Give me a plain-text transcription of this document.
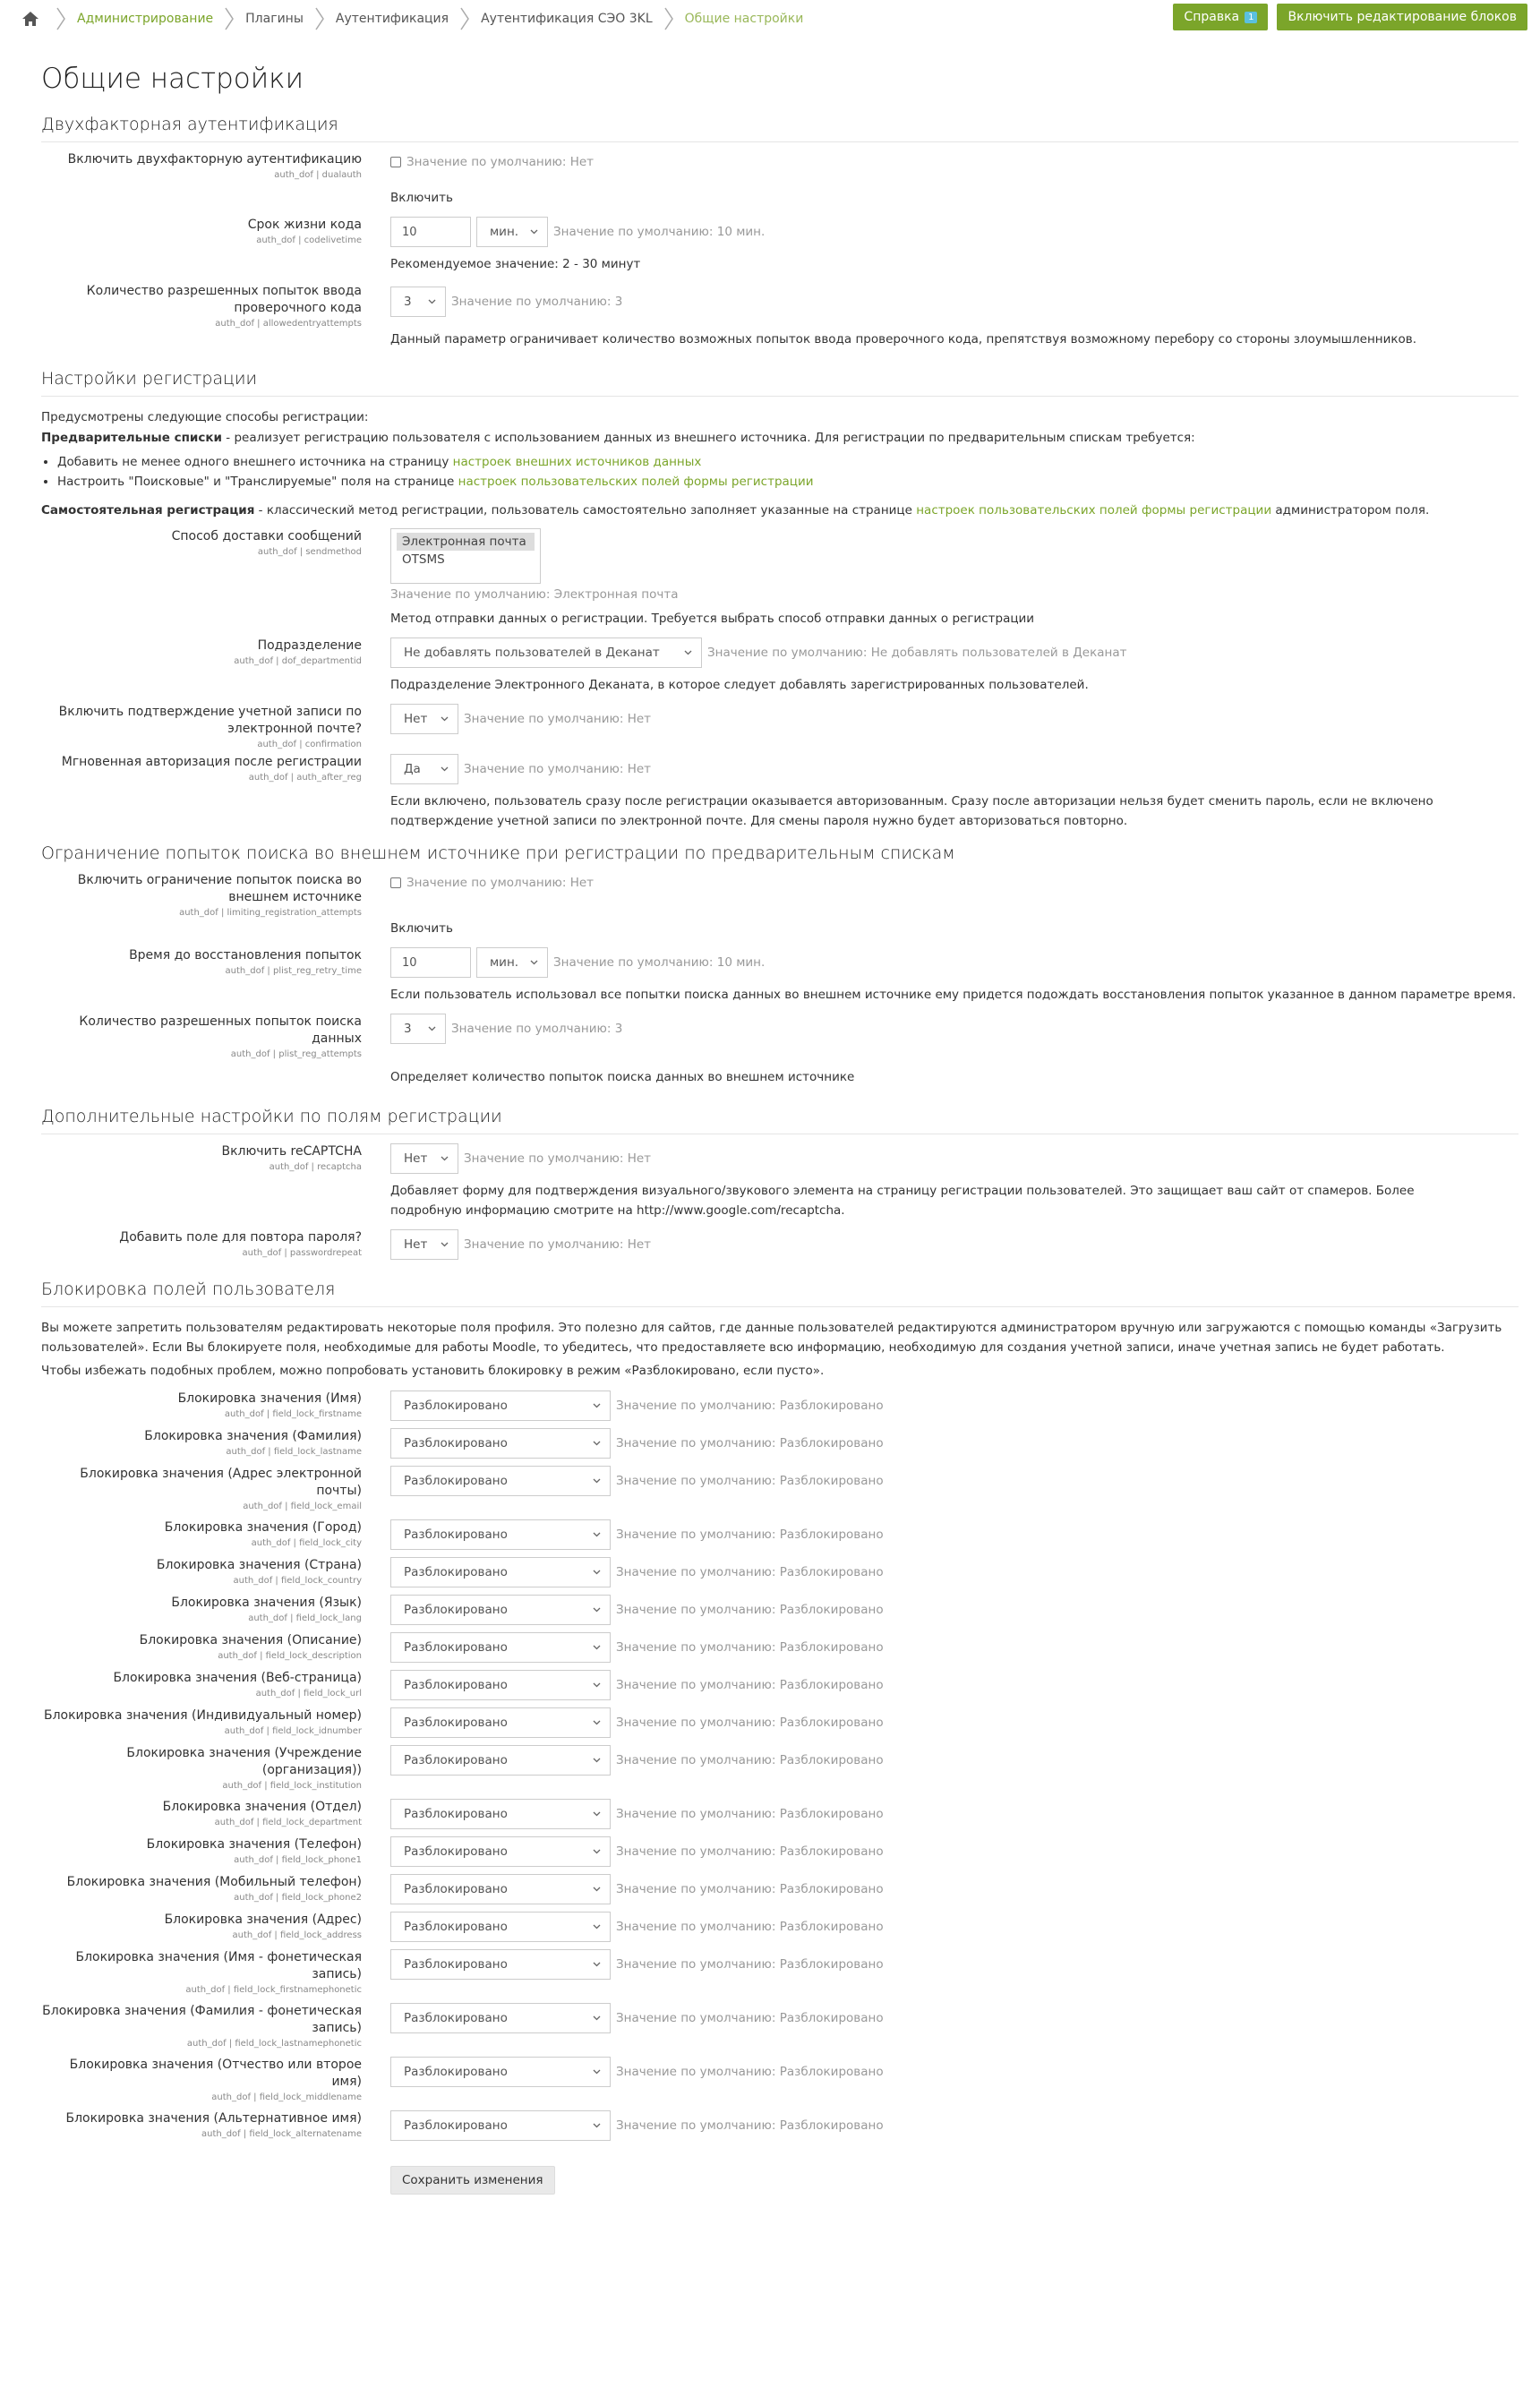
Администрирование	Плагины	Аутентификация	Аутентификация СЭО 3KL	Общие настройки	Справка	1	Включить редактирование блоков
Общие настройки
Двухфакторная аутентификация
Включить двухфакторную аутентификацию
auth_dof | dualauth
Значение по умолчанию: Нет
Включить
Срок жизни кода
auth_dof | codelivetime
10	мин.	Значение по умолчанию: 10 мин.
Рекомендуемое значение: 2 - 30 минут
Количество разрешенных попыток ввода проверочного кода
auth_dof | allowedentryattempts
3	Значение по умолчанию: 3
Данный параметр ограничивает количество возможных попыток ввода проверочного кода, препятствуя возможному перебору со стороны злоумышленников.
Настройки регистрации
Предусмотрены следующие способы регистрации:
Предварительные списки - реализует регистрацию пользователя с использованием данных из внешнего источника. Для регистрации по предварительным спискам требуется:
• Добавить не менее одного внешнего источника на страницу настроек внешних источников данных
• Настроить "Поисковые" и "Транслируемые" поля на странице настроек пользовательских полей формы регистрации
Самостоятельная регистрация - классический метод регистрации, пользователь самостоятельно заполняет указанные на странице настроек пользовательских полей формы регистрации администратором поля.
Способ доставки сообщений
auth_dof | sendmethod
Электронная почта
OTSMS
Значение по умолчанию: Электронная почта
Метод отправки данных о регистрации. Требуется выбрать способ отправки данных о регистрации
Подразделение
auth_dof | dof_departmentid
Не добавлять пользователей в Деканат	Значение по умолчанию: Не добавлять пользователей в Деканат
Подразделение Электронного Деканата, в которое следует добавлять зарегистрированных пользователей.
Включить подтверждение учетной записи по электронной почте?
auth_dof | confirmation
Нет	Значение по умолчанию: Нет
Мгновенная авторизация после регистрации
auth_dof | auth_after_reg
Да	Значение по умолчанию: Нет
Если включено, пользователь сразу после регистрации оказывается авторизованным. Сразу после авторизации нельзя будет сменить пароль, если не включено подтверждение учетной записи по электронной почте. Для смены пароля нужно будет авторизоваться повторно.
Ограничение попыток поиска во внешнем источнике при регистрации по предварительным спискам
Включить ограничение попыток поиска во внешнем источнике
auth_dof | limiting_registration_attempts
Значение по умолчанию: Нет
Включить
Время до восстановления попыток
auth_dof | plist_reg_retry_time
10	мин.	Значение по умолчанию: 10 мин.
Если пользователь использовал все попытки поиска данных во внешнем источнике ему придется подождать восстановления попыток указанное в данном параметре время.
Количество разрешенных попыток поиска данных
auth_dof | plist_reg_attempts
3	Значение по умолчанию: 3
Определяет количество попыток поиска данных во внешнем источнике
Дополнительные настройки по полям регистрации
Включить reCAPTCHA
auth_dof | recaptcha
Нет	Значение по умолчанию: Нет
Добавляет форму для подтверждения визуального/звукового элемента на страницу регистрации пользователей. Это защищает ваш сайт от спамеров. Более подробную информацию смотрите на http://www.google.com/recaptcha.
Добавить поле для повтора пароля?
auth_dof | passwordrepeat
Нет	Значение по умолчанию: Нет
Блокировка полей пользователя
Вы можете запретить пользователям редактировать некоторые поля профиля. Это полезно для сайтов, где данные пользователей редактируются администратором вручную или загружаются с помощью команды «Загрузить пользователей». Если Вы блокируете поля, необходимые для работы Moodle, то убедитесь, что предоставляете всю информацию, необходимую для создания учетной записи, иначе учетная запись не будет работать.
Чтобы избежать подобных проблем, можно попробовать установить блокировку в режим «Разблокировано, если пусто».
Блокировка значения (Имя)
auth_dof | field_lock_firstname
Разблокировано	Значение по умолчанию: Разблокировано
Блокировка значения (Фамилия)
auth_dof | field_lock_lastname
Разблокировано	Значение по умолчанию: Разблокировано
Блокировка значения (Адрес электронной почты)
auth_dof | field_lock_email
Разблокировано	Значение по умолчанию: Разблокировано
Блокировка значения (Город)
auth_dof | field_lock_city
Разблокировано	Значение по умолчанию: Разблокировано
Блокировка значения (Страна)
auth_dof | field_lock_country
Разблокировано	Значение по умолчанию: Разблокировано
Блокировка значения (Язык)
auth_dof | field_lock_lang
Разблокировано	Значение по умолчанию: Разблокировано
Блокировка значения (Описание)
auth_dof | field_lock_description
Разблокировано	Значение по умолчанию: Разблокировано
Блокировка значения (Веб-страница)
auth_dof | field_lock_url
Разблокировано	Значение по умолчанию: Разблокировано
Блокировка значения (Индивидуальный номер)
auth_dof | field_lock_idnumber
Разблокировано	Значение по умолчанию: Разблокировано
Блокировка значения (Учреждение (организация))
auth_dof | field_lock_institution
Разблокировано	Значение по умолчанию: Разблокировано
Блокировка значения (Отдел)
auth_dof | field_lock_department
Разблокировано	Значение по умолчанию: Разблокировано
Блокировка значения (Телефон)
auth_dof | field_lock_phone1
Разблокировано	Значение по умолчанию: Разблокировано
Блокировка значения (Мобильный телефон)
auth_dof | field_lock_phone2
Разблокировано	Значение по умолчанию: Разблокировано
Блокировка значения (Адрес)
auth_dof | field_lock_address
Разблокировано	Значение по умолчанию: Разблокировано
Блокировка значения (Имя - фонетическая запись)
auth_dof | field_lock_firstnamephonetic
Разблокировано	Значение по умолчанию: Разблокировано
Блокировка значения (Фамилия - фонетическая запись)
auth_dof | field_lock_lastnamephonetic
Разблокировано	Значение по умолчанию: Разблокировано
Блокировка значения (Отчество или второе имя)
auth_dof | field_lock_middlename
Разблокировано	Значение по умолчанию: Разблокировано
Блокировка значения (Альтернативное имя)
auth_dof | field_lock_alternatename
Разблокировано	Значение по умолчанию: Разблокировано
Сохранить изменения
